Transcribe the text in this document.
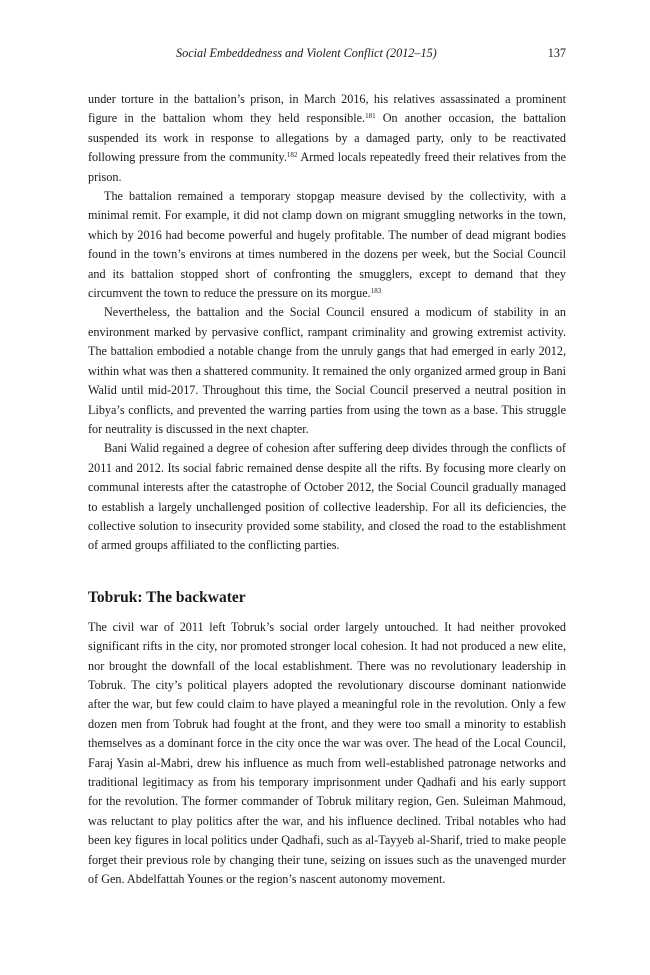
Social Embeddedness and Violent Conflict (2012–15)	137

under torture in the battalion’s prison, in March 2016, his relatives assassinated a prominent figure in the battalion whom they held responsible.$^{181}$ On another occasion, the battalion suspended its work in response to allegations by a damaged party, only to be reactivated following pressure from the community.$^{182}$ Armed locals repeatedly freed their relatives from the prison.

The battalion remained a temporary stopgap measure devised by the collectivity, with a minimal remit. For example, it did not clamp down on migrant smuggling networks in the town, which by 2016 had become powerful and hugely profitable. The number of dead migrant bodies found in the town’s environs at times numbered in the dozens per week, but the Social Council and its battalion stopped short of confronting the smugglers, except to demand that they circumvent the town to reduce the pressure on its morgue.$^{183}$

Nevertheless, the battalion and the Social Council ensured a modicum of stability in an environment marked by pervasive conflict, rampant criminality and growing extremist activity. The battalion embodied a notable change from the unruly gangs that had emerged in early 2012, within what was then a shattered community. It remained the only organized armed group in Bani Walid until mid-2017. Throughout this time, the Social Council preserved a neutral position in Libya’s conflicts, and prevented the warring parties from using the town as a base. This struggle for neutrality is discussed in the next chapter.

Bani Walid regained a degree of cohesion after suffering deep divides through the conflicts of 2011 and 2012. Its social fabric remained dense despite all the rifts. By focusing more clearly on communal interests after the catastrophe of October 2012, the Social Council gradually managed to establish a largely unchallenged position of collective leadership. For all its deficiencies, the collective solution to insecurity provided some stability, and closed the road to the establishment of armed groups affiliated to the conflicting parties.

Tobruk: The backwater

The civil war of 2011 left Tobruk’s social order largely untouched. It had neither provoked significant rifts in the city, nor promoted stronger local cohesion. It had not produced a new elite, nor brought the downfall of the local establishment. There was no revolutionary leadership in Tobruk. The city’s political players adopted the revolutionary discourse dominant nationwide after the war, but few could claim to have played a meaningful role in the revolution. Only a few dozen men from Tobruk had fought at the front, and they were too small a minority to establish themselves as a dominant force in the city once the war was over. The head of the Local Council, Faraj Yasin al-Mabri, drew his influence as much from well-established patronage networks and traditional legitimacy as from his temporary imprisonment under Qadhafi and his early support for the revolution. The former commander of Tobruk military region, Gen. Suleiman Mahmoud, was reluctant to play politics after the war, and his influence declined. Tribal notables who had been key figures in local politics under Qadhafi, such as al-Tayyeb al-Sharif, tried to make people forget their previous role by changing their tune, seizing on issues such as the unavenged murder of Gen. Abdelfattah Younes or the region’s nascent autonomy movement.
